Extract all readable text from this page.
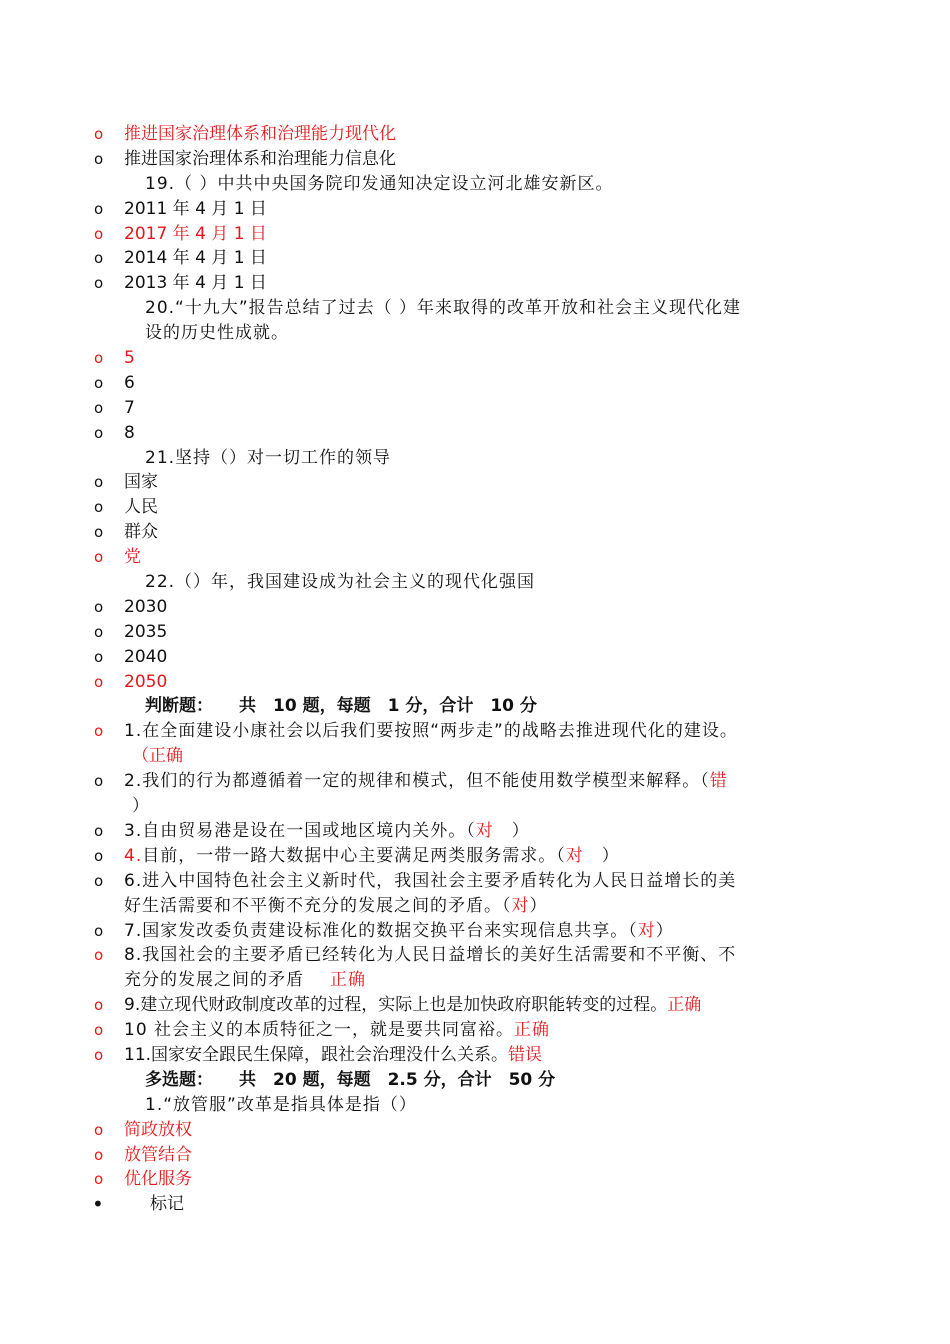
o 推进国家治理体系和治理能力现代化
o 推进国家治理体系和治理能力信息化
19.（ ）中共中央国务院印发通知决定设立河北雄安新区。
o 2011 年 4 月 1 日
o 2017 年 4 月 1 日
o 2014 年 4 月 1 日
o 2013 年 4 月 1 日
20.“十九大”报告总结了过去（ ）年来取得的改革开放和社会主义现代化建
设的历史性成就。
o 5
o 6
o 7
o 8
21.坚持（）对一切工作的领导
o 国家
o 人民
o 群众
o 党
22.（）年，我国建设成为社会主义的现代化强国
o 2030
o 2035
o 2040
o 2050
判断题： 共　10 题，每题　1 分，合计　10 分
o 1.在全面建设小康社会以后我们要按照“两步走”的战略去推进现代化的建设。
（正确
o 2.我们的行为都遵循着一定的规律和模式，但不能使用数学模型来解释。（错
）
o 3.自由贸易港是设在一国或地区境内关外。（对 ）
o 4.目前，一带一路大数据中心主要满足两类服务需求。（对 ）
o 6.进入中国特色社会主义新时代，我国社会主要矛盾转化为人民日益增长的美
好生活需要和不平衡不充分的发展之间的矛盾。（对）
o 7.国家发改委负责建设标准化的数据交换平台来实现信息共享。（对）
o 8.我国社会的主要矛盾已经转化为人民日益增长的美好生活需要和不平衡、不
充分的发展之间的矛盾 正确
o 9.建立现代财政制度改革的过程，实际上也是加快政府职能转变的过程。正确
o 10 社会主义的本质特征之一，就是要共同富裕。正确
o 11.国家安全跟民生保障，跟社会治理没什么关系。错误
多选题： 共　20 题，每题　2.5 分，合计　50 分
1.“放管服”改革是指具体是指（）
o 简政放权
o 放管结合
o 优化服务
•	标记
